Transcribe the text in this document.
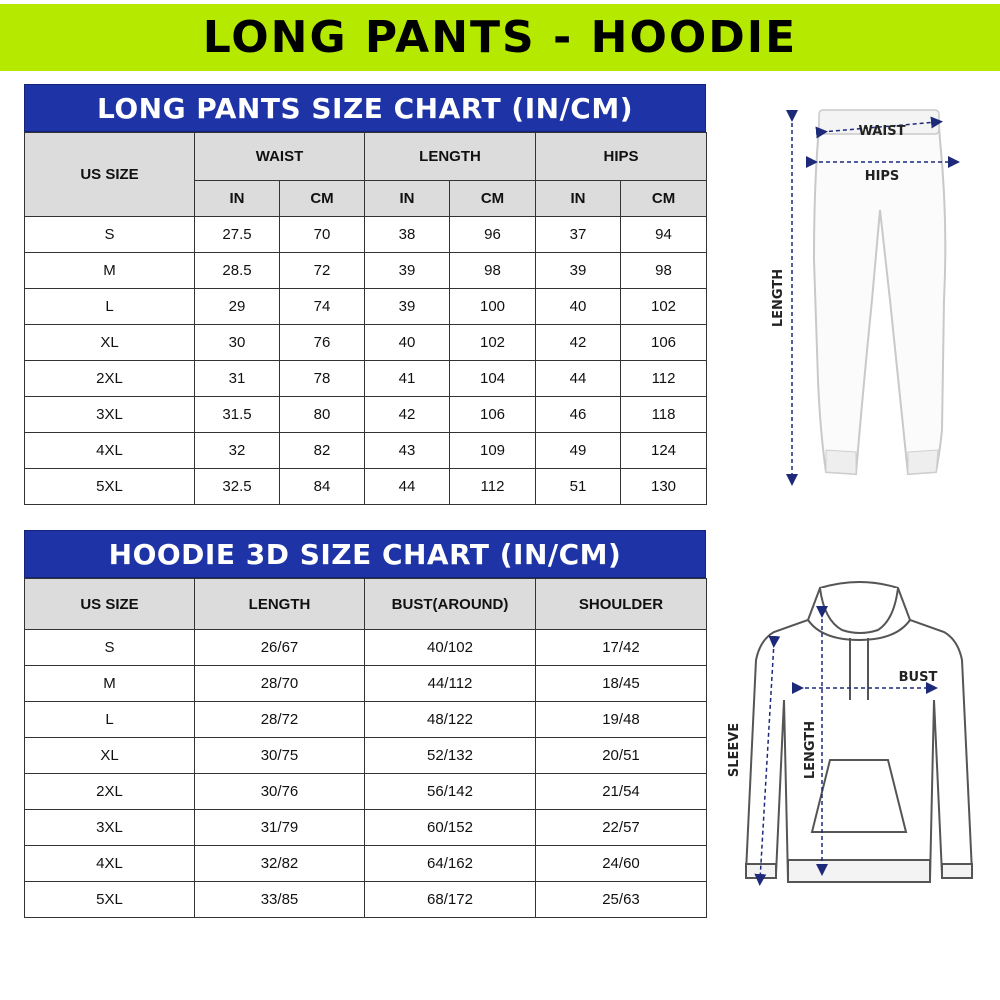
LONG PANTS - HOODIE
LONG PANTS SIZE CHART (IN/CM)
US SIZE	WAIST		LENGTH		HIPS	
	IN	CM	IN	CM	IN	CM
S	27.5	70	38	96	37	94
M	28.5	72	39	98	39	98
L	29	74	39	100	40	102
XL	30	76	40	102	42	106
2XL	31	78	41	104	44	112
3XL	31.5	80	42	106	46	118
4XL	32	82	43	109	49	124
5XL	32.5	84	44	112	51	130
HOODIE 3D SIZE CHART (IN/CM)
US SIZE	LENGTH	BUST(AROUND)	SHOULDER
S	26/67	40/102	17/42
M	28/70	44/112	18/45
L	28/72	48/122	19/48
XL	30/75	52/132	20/51
2XL	30/76	56/142	21/54
3XL	31/79	60/152	22/57
4XL	32/82	64/162	24/60
5XL	33/85	68/172	25/63
WAIST
HIPS
LENGTH
BUST
SLEEVE	LENGTH
